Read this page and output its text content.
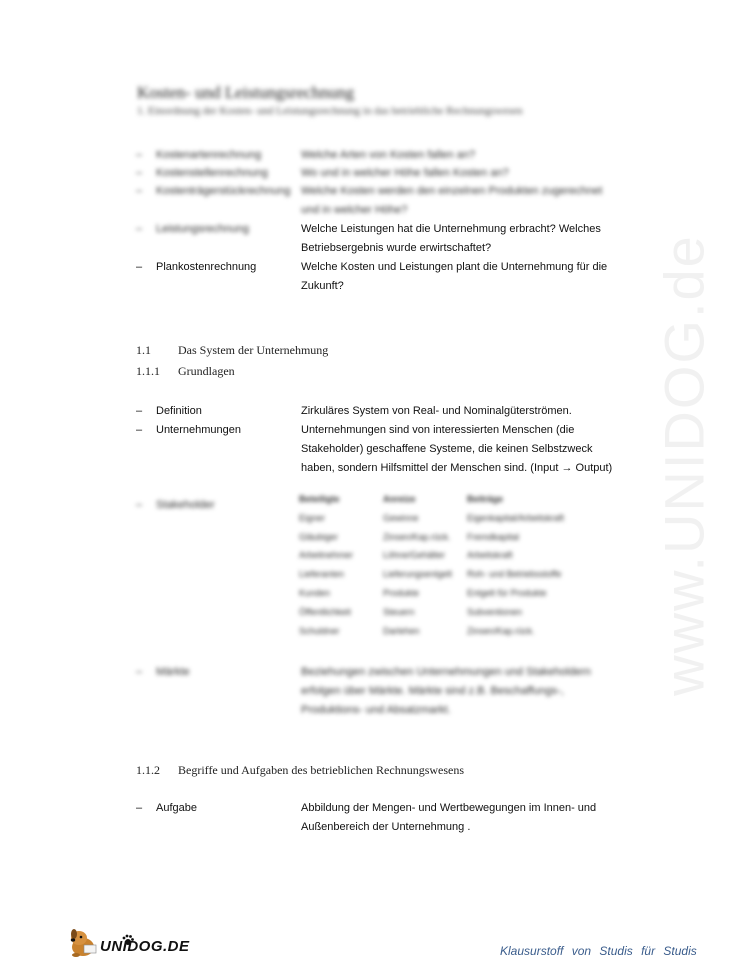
www.UNIDOG.de
Kosten- und Leistungsrechnung
1. Einordnung der Kosten- und Leistungsrechnung in das betriebliche Rechnungswesen
– Kostenartenrechnung	Welche Arten von Kosten fallen an?
– Kostenstellenrechnung	Wo und in welcher Höhe fallen Kosten an?
– Kostenträgerstückrechnung Welche Kosten werden den einzelnen Produkten zugerechnet und in welcher Höhe?
– Leistungsrechnung	Welche Leistungen hat die Unternehmung erbracht? Welches Betriebsergebnis wurde erwirtschaftet?
– Plankostenrechnung	Welche Kosten und Leistungen plant die Unternehmung für die Zukunft?
1.1 Das System der Unternehmung
1.1.1 Grundlagen
– Definition	Zirkuläres System von Real- und Nominalgüterströmen.
– Unternehmungen	Unternehmungen sind von interessierten Menschen (die Stakeholder) geschaffene Systeme, die keinen Selbstzweck haben, sondern Hilfsmittel der Menschen sind. (Input → Output)
– Stakeholder	Beteiligte	Anreize	Beiträge
Eigner	Gewinne	Eigenkapital/Arbeitskraft
Gläubiger	Zinsen/Kap.rück.	Fremdkapital
Arbeitnehmer	Löhne/Gehälter	Arbeitskraft
Lieferanten	Lieferungsentgelt	Roh- und Betriebsstoffe
Kunden	Produkte	Entgelt für Produkte
Öffentlichkeit	Steuern	Subventionen
Schuldner	Darlehen	Zinsen/Kap.rück.
– Märkte	Beziehungen zwischen Unternehmungen und Stakeholdern erfolgen über Märkte. Märkte sind z.B. Beschaffungs-, Produktions- und Absatzmarkt.
1.1.2 Begriffe und Aufgaben des betrieblichen Rechnungswesens
– Aufgabe	Abbildung der Mengen- und Wertbewegungen im Innen- und Außenbereich der Unternehmung .
UNIDOG.DE	Klausurstoff von Studis für Studis
